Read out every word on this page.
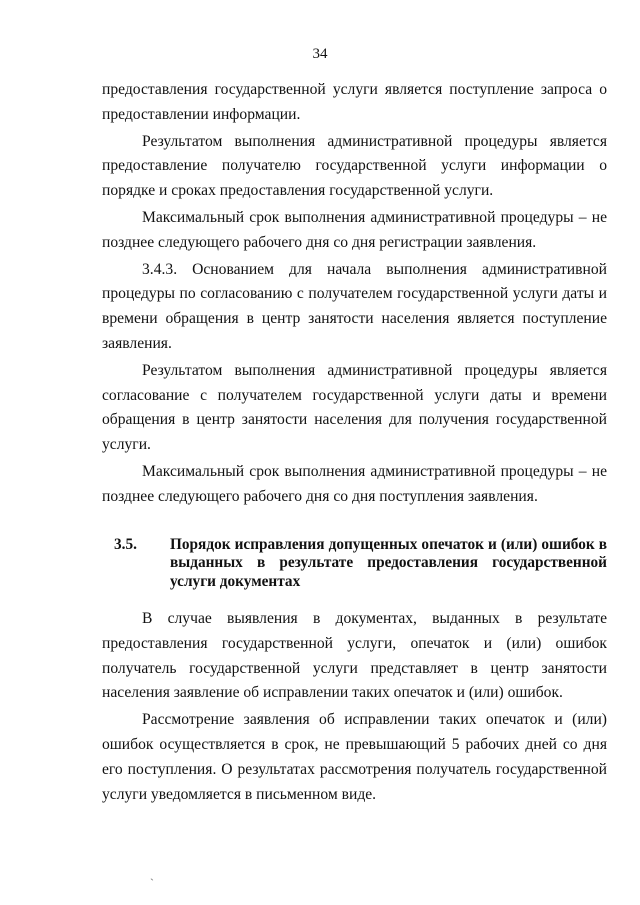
34

предоставления государственной услуги является поступление запроса о предоставлении информации.

Результатом выполнения административной процедуры является предоставление получателю государственной услуги информации о порядке и сроках предоставления государственной услуги.

Максимальный срок выполнения административной процедуры – не позднее следующего рабочего дня со дня регистрации заявления.

3.4.3. Основанием для начала выполнения административной процедуры по согласованию с получателем государственной услуги даты и времени обращения в центр занятости населения является поступление заявления.

Результатом выполнения административной процедуры является согласование с получателем государственной услуги даты и времени обращения в центр занятости населения для получения государственной услуги.

Максимальный срок выполнения административной процедуры – не позднее следующего рабочего дня со дня поступления заявления.

3.5. Порядок исправления допущенных опечаток и (или) ошибок в выданных в результате предоставления государственной услуги документах

В случае выявления в документах, выданных в результате предоставления государственной услуги, опечаток и (или) ошибок получатель государственной услуги представляет в центр занятости населения заявление об исправлении таких опечаток и (или) ошибок.

Рассмотрение заявления об исправлении таких опечаток и (или) ошибок осуществляется в срок, не превышающий 5 рабочих дней со дня его поступления. О результатах рассмотрения получатель государственной услуги уведомляется в письменном виде.

`
